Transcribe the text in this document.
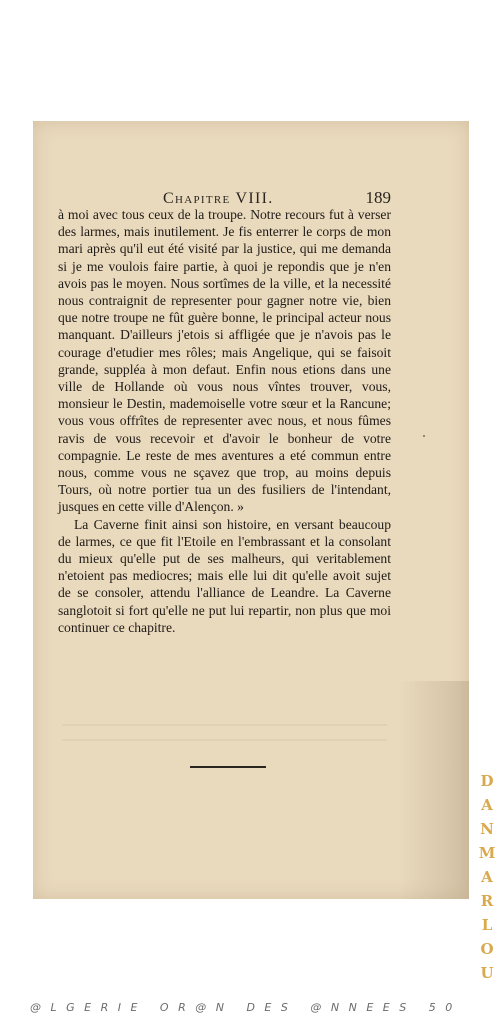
Chapitre VIII.	189

à moi avec tous ceux de la troupe. Notre recours fut à verser des larmes, mais inutilement. Je fis enterrer le corps de mon mari après qu'il eut été visité par la justice, qui me demanda si je me voulois faire partie, à quoi je repondis que je n'en avois pas le moyen. Nous sortîmes de la ville, et la necessité nous contraignit de representer pour gagner notre vie, bien que notre troupe ne fût guère bonne, le principal acteur nous manquant. D'ailleurs j'etois si affligée que je n'avois pas le courage d'etudier mes rôles; mais Angelique, qui se faisoit grande, suppléa à mon defaut. Enfin nous etions dans une ville de Hollande où vous nous vîntes trouver, vous, monsieur le Destin, mademoiselle votre sœur et la Rancune; vous vous offrîtes de representer avec nous, et nous fûmes ravis de vous recevoir et d'avoir le bonheur de votre compagnie. Le reste de mes aventures a eté commun entre nous, comme vous ne sçavez que trop, au moins depuis Tours, où notre portier tua un des fusiliers de l'intendant, jusques en cette ville d'Alençon. »

La Caverne finit ainsi son histoire, en versant beaucoup de larmes, ce que fit l'Etoile en l'embrassant et la consolant du mieux qu'elle put de ses malheurs, qui veritablement n'etoient pas mediocres; mais elle lui dit qu'elle avoit sujet de se consoler, attendu l'alliance de Leandre. La Caverne sanglotoit si fort qu'elle ne put lui repartir, non plus que moi continuer ce chapitre.

D
A
N
M
A
R
L
O
U
@LGERIE OR@N DES @NNEES 50
